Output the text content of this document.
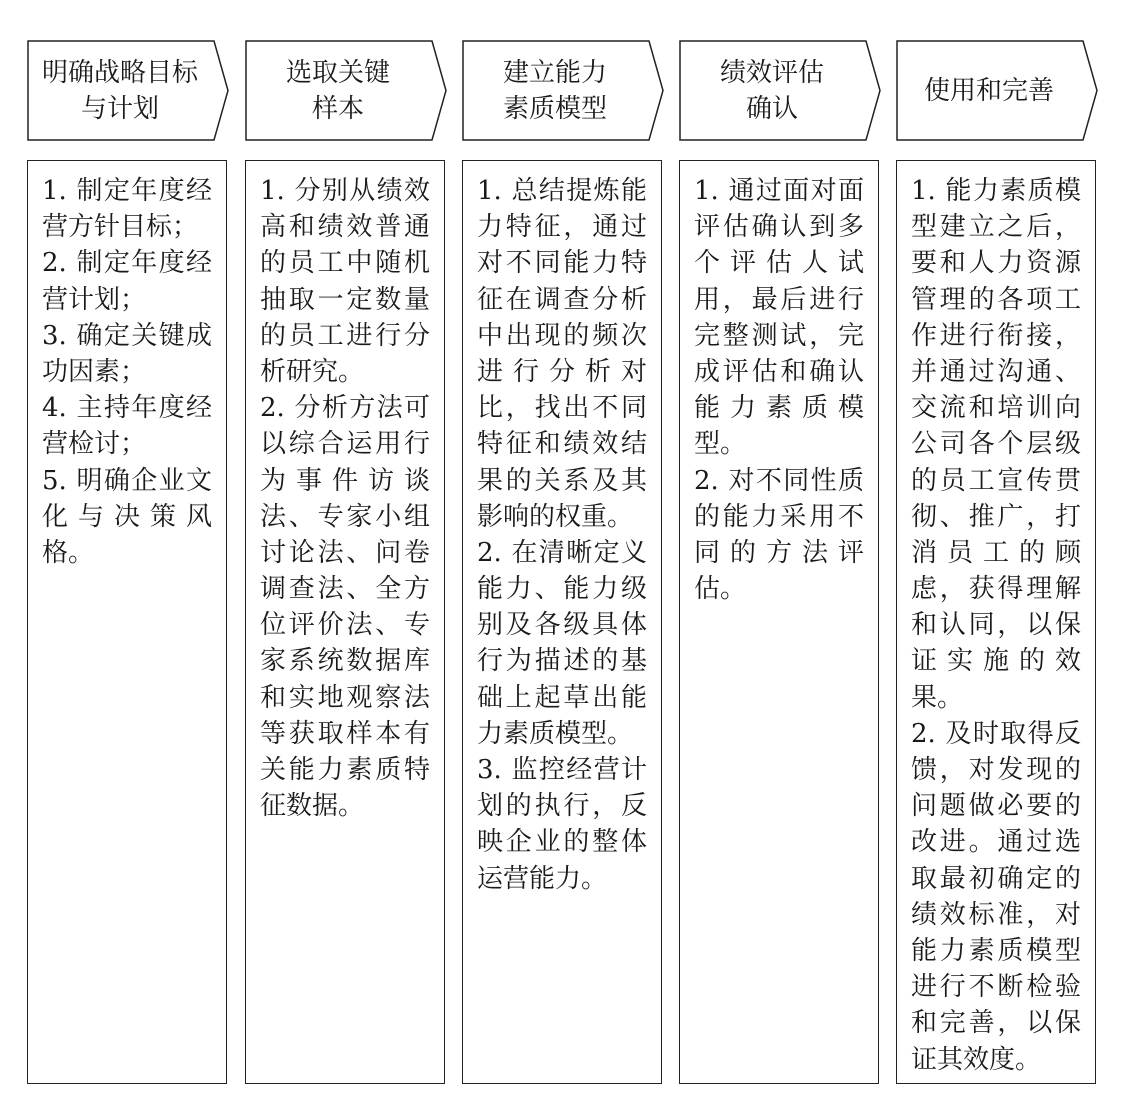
明确战略目标
与计划
1. 制定年度经
营方针目标；
2. 制定年度经
营计划；
3. 确定关键成
功因素；
4. 主持年度经
营检讨；
5. 明确企业文
化与决策风
格。
选取关键
样本
1. 分别从绩效
高和绩效普通
的员工中随机
抽取一定数量
的员工进行分
析研究。
2. 分析方法可
以综合运用行
为事件访谈
法、专家小组
讨论法、问卷
调查法、全方
位评价法、专
家系统数据库
和实地观察法
等获取样本有
关能力素质特
征数据。
建立能力
素质模型
1. 总结提炼能
力特征，通过
对不同能力特
征在调查分析
中出现的频次
进行分析对
比，找出不同
特征和绩效结
果的关系及其
影响的权重。
2. 在清晰定义
能力、能力级
别及各级具体
行为描述的基
础上起草出能
力素质模型。
3. 监控经营计
划的执行，反
映企业的整体
运营能力。
绩效评估
确认
1. 通过面对面
评估确认到多
个评估人试
用，最后进行
完整测试，完
成评估和确认
能力素质模
型。
2. 对不同性质
的能力采用不
同的方法评
估。
使用和完善
1. 能力素质模
型建立之后，
要和人力资源
管理的各项工
作进行衔接，
并通过沟通、
交流和培训向
公司各个层级
的员工宣传贯
彻、推广，打
消员工的顾
虑，获得理解
和认同，以保
证实施的效
果。
2. 及时取得反
馈，对发现的
问题做必要的
改进。通过选
取最初确定的
绩效标准，对
能力素质模型
进行不断检验
和完善，以保
证其效度。
